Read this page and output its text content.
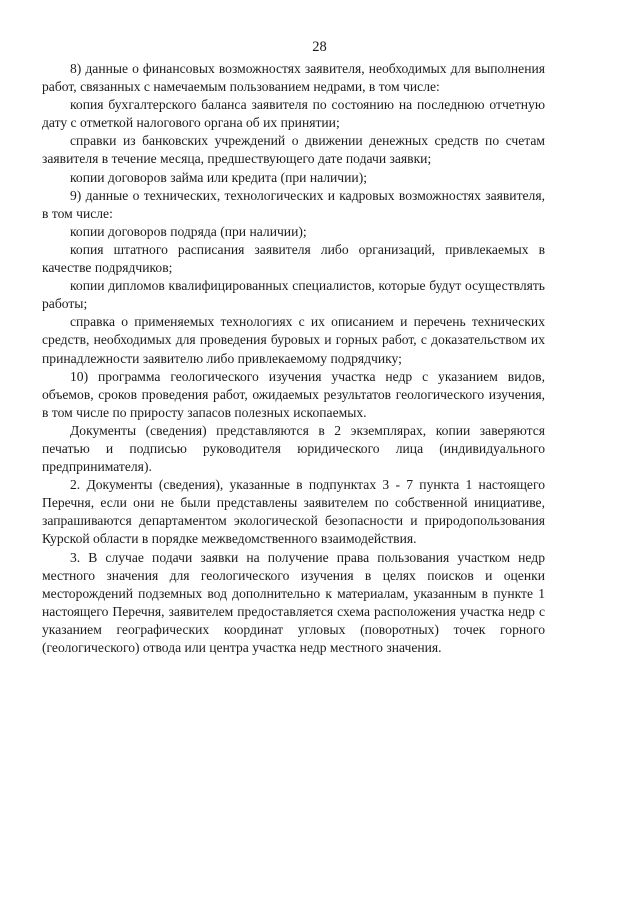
28

8) данные о финансовых возможностях заявителя, необходимых для выполнения работ, связанных с намечаемым пользованием недрами, в том числе:

копия бухгалтерского баланса заявителя по состоянию на последнюю отчетную дату с отметкой налогового органа об их принятии;

справки из банковских учреждений о движении денежных средств по счетам заявителя в течение месяца, предшествующего дате подачи заявки;

копии договоров займа или кредита (при наличии);

9) данные о технических, технологических и кадровых возможностях заявителя, в том числе:

копии договоров подряда (при наличии);

копия штатного расписания заявителя либо организаций, привлекаемых в качестве подрядчиков;

копии дипломов квалифицированных специалистов, которые будут осуществлять работы;

справка о применяемых технологиях с их описанием и перечень технических средств, необходимых для проведения буровых и горных работ, с доказательством их принадлежности заявителю либо привлекаемому подрядчику;

10) программа геологического изучения участка недр с указанием видов, объемов, сроков проведения работ, ожидаемых результатов геологического изучения, в том числе по приросту запасов полезных ископаемых.

Документы (сведения) представляются в 2 экземплярах, копии заверяются печатью и подписью руководителя юридического лица (индивидуального предпринимателя).

2. Документы (сведения), указанные в подпунктах 3 - 7 пункта 1 настоящего Перечня, если они не были представлены заявителем по собственной инициативе, запрашиваются департаментом экологической безопасности и природопользования Курской области в порядке межведомственного взаимодействия.

3. В случае подачи заявки на получение права пользования участком недр местного значения для геологического изучения в целях поисков и оценки месторождений подземных вод дополнительно к материалам, указанным в пункте 1 настоящего Перечня, заявителем предоставляется схема расположения участка недр с указанием географических координат угловых (поворотных) точек горного (геологического) отвода или центра участка недр местного значения.
